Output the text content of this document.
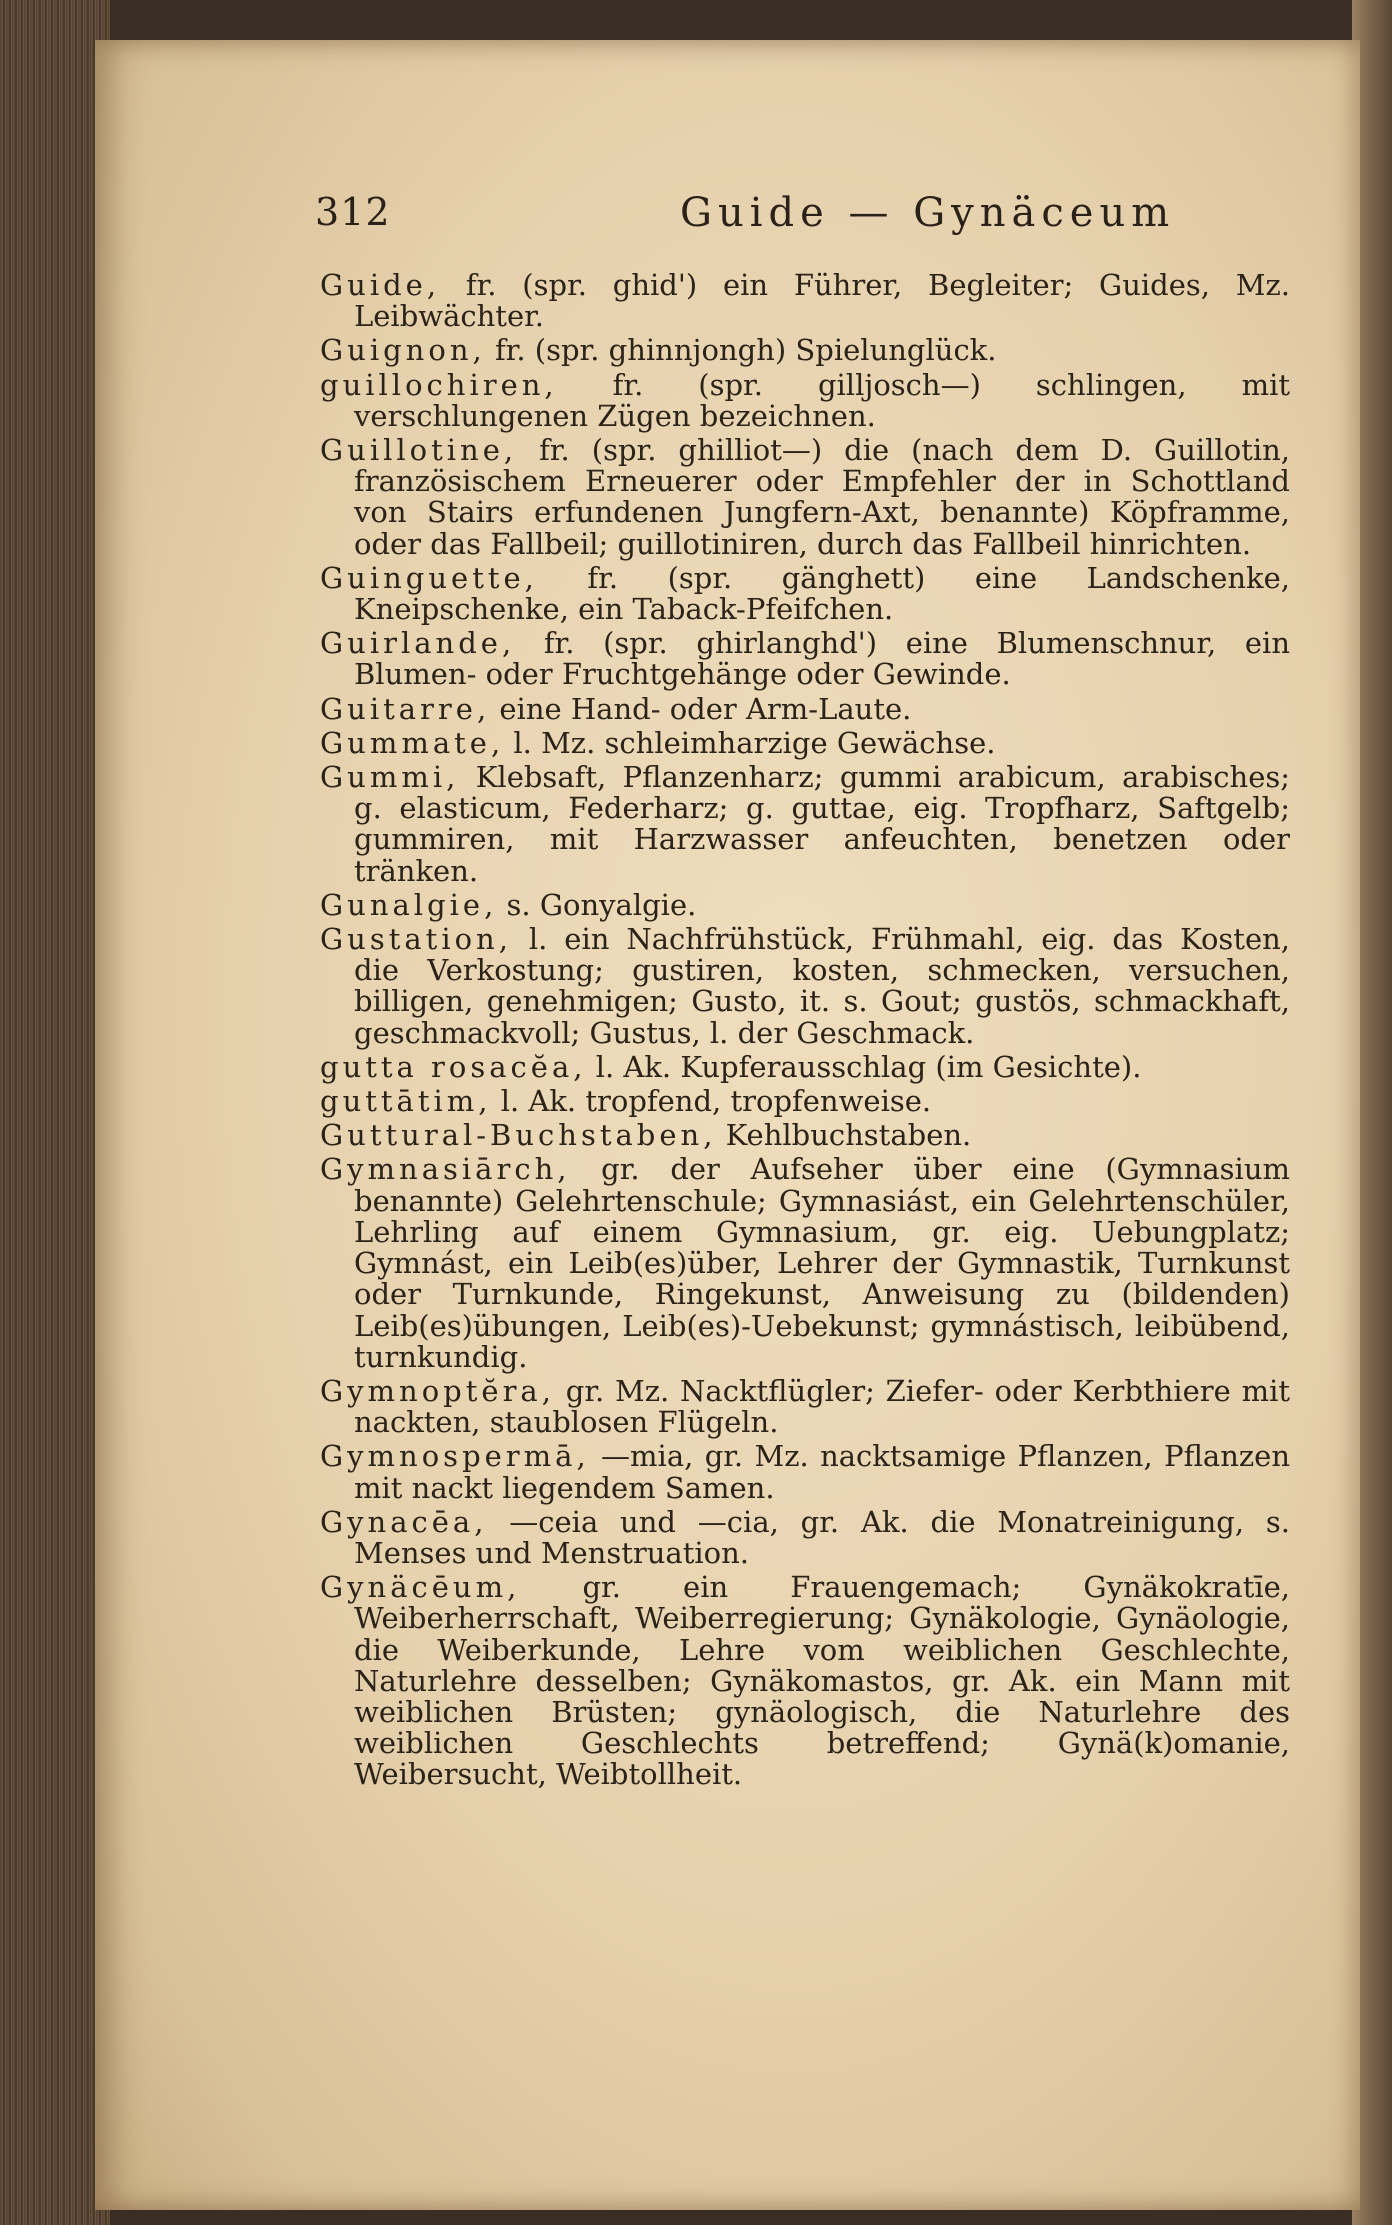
312	Guide — Gynäceum

Guide, fr. (spr. ghid') ein Führer, Begleiter; Guides, Mz. Leibwächter.

Guignon, fr. (spr. ghinnjongh) Spielunglück.

guillochiren, fr. (spr. gilljosch—) schlingen, mit verschlungenen Zügen bezeichnen.

Guillotine, fr. (spr. ghilliot—) die (nach dem D. Guillotin, französischem Erneuerer oder Empfehler der in Schottland von Stairs erfundenen Jungfern-Axt, benannte) Köpframme, oder das Fallbeil; guillotiniren, durch das Fallbeil hinrichten.

Guinguette, fr. (spr. gänghett) eine Landschenke, Kneipschenke, ein Taback-Pfeifchen.

Guirlande, fr. (spr. ghirlanghd') eine Blumenschnur, ein Blumen- oder Fruchtgehänge oder Gewinde.

Guitarre, eine Hand- oder Arm-Laute.

Gummate, l. Mz. schleimharzige Gewächse.

Gummi, Klebsaft, Pflanzenharz; gummi arabicum, arabisches; g. elasticum, Federharz; g. guttae, eig. Tropfharz, Saftgelb; gummiren, mit Harzwasser anfeuchten, benetzen oder tränken.

Gunalgie, s. Gonyalgie.

Gustation, l. ein Nachfrühstück, Frühmahl, eig. das Kosten, die Verkostung; gustiren, kosten, schmecken, versuchen, billigen, genehmigen; Gusto, it. s. Gout; gustös, schmackhaft, geschmackvoll; Gustus, l. der Geschmack.

gutta rosacĕa, l. Ak. Kupferausschlag (im Gesichte).

guttātim, l. Ak. tropfend, tropfenweise.

Guttural-Buchstaben, Kehlbuchstaben.

Gymnasiārch, gr. der Aufseher über eine (Gymnasium benannte) Gelehrtenschule; Gymnasiást, ein Gelehrtenschüler, Lehrling auf einem Gymnasium, gr. eig. Uebungplatz; Gymnást, ein Leib(es)über, Lehrer der Gymnastik, Turnkunst oder Turnkunde, Ringekunst, Anweisung zu (bildenden) Leib(es)übungen, Leib(es)-Uebekunst; gymnástisch, leibübend, turnkundig.

Gymnoptĕra, gr. Mz. Nacktflügler; Ziefer- oder Kerbthiere mit nackten, staublosen Flügeln.

Gymnospermā, —mia, gr. Mz. nacktsamige Pflanzen, Pflanzen mit nackt liegendem Samen.

Gynacēa, —ceia und —cia, gr. Ak. die Monatreinigung, s. Menses und Menstruation.

Gynäcēum, gr. ein Frauengemach; Gynäkokratīe, Weiberherrschaft, Weiberregierung; Gynäkologie, Gynäologie, die Weiberkunde, Lehre vom weiblichen Geschlechte, Naturlehre desselben; Gynäkomastos, gr. Ak. ein Mann mit weiblichen Brüsten; gynäologisch, die Naturlehre des weiblichen Geschlechts betreffend; Gynä(k)omanie, Weibersucht, Weibtollheit.
